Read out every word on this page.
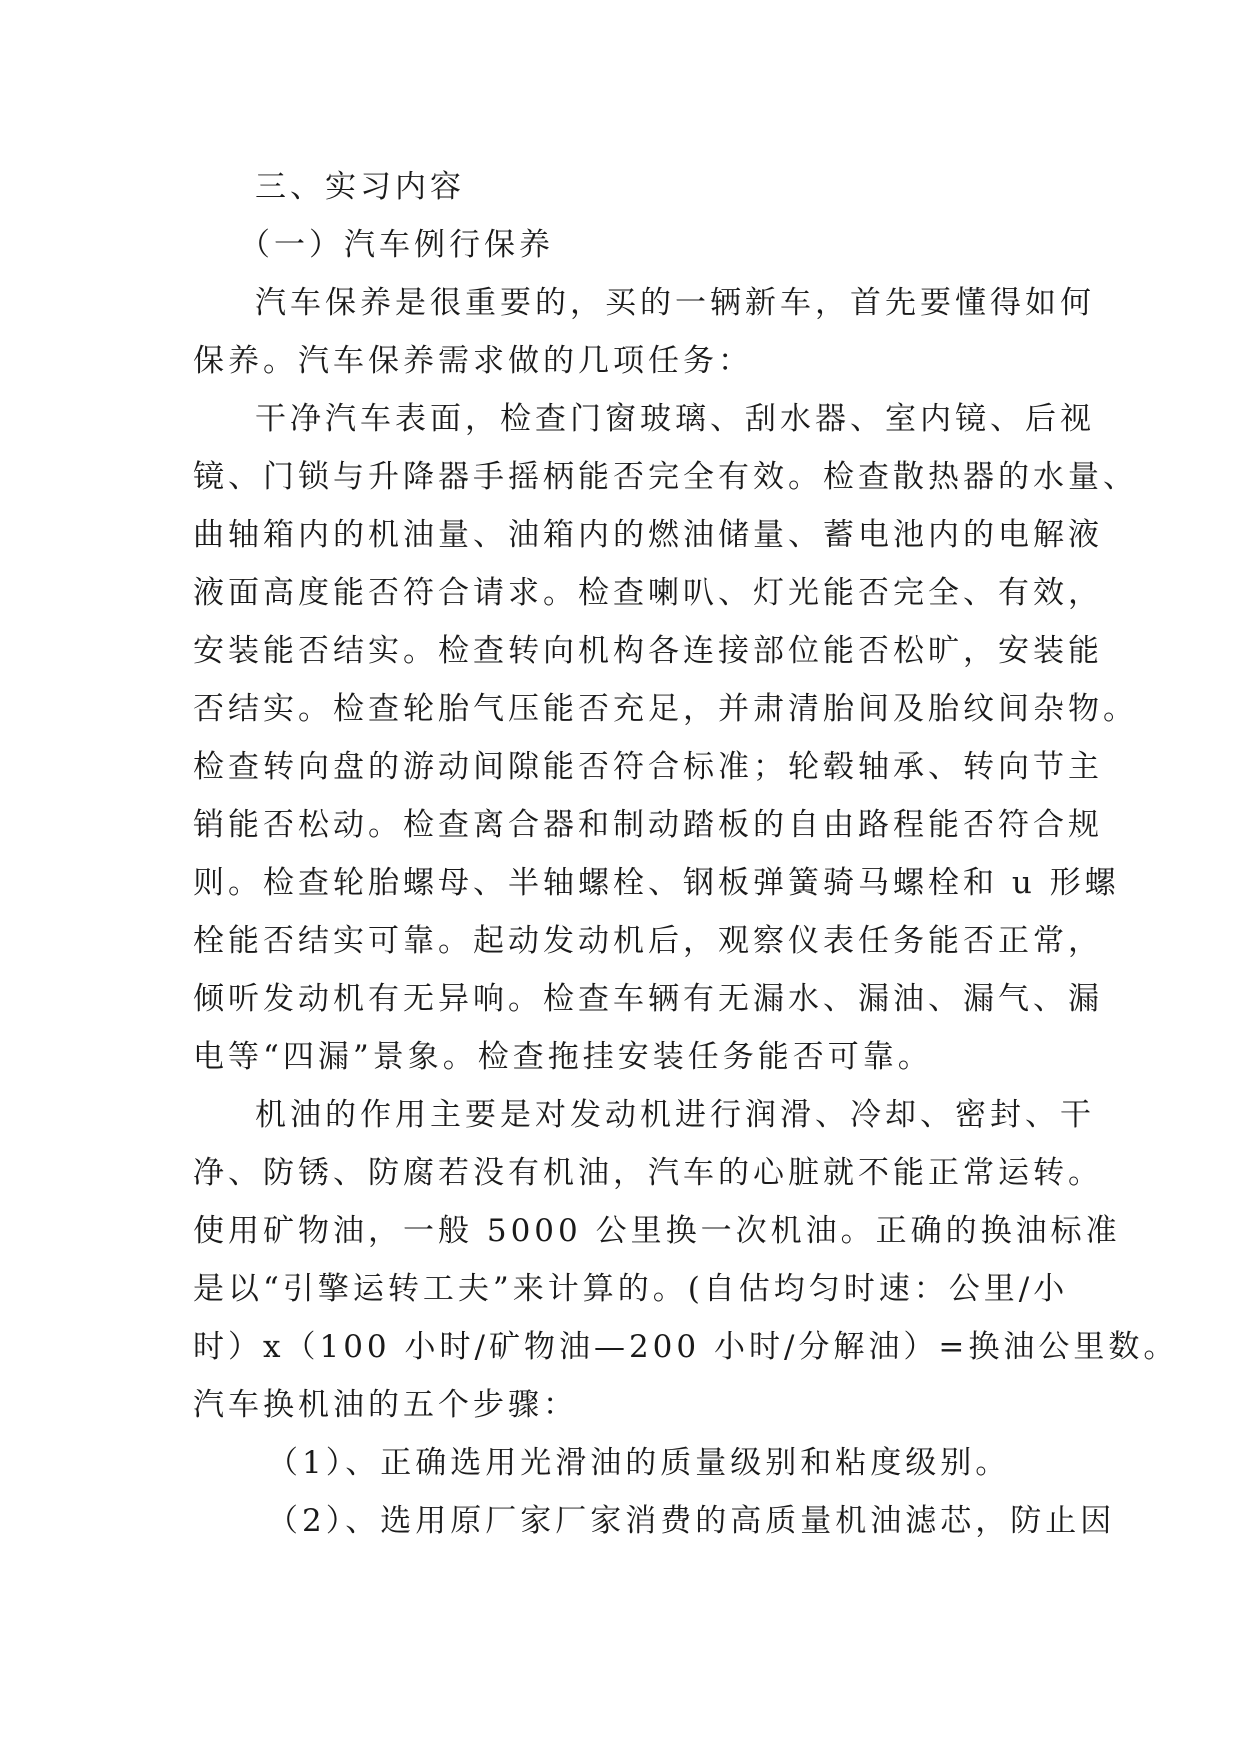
三、实习内容

（一）汽车例行保养

汽车保养是很重要的，买的一辆新车，首先要懂得如何
保养。汽车保养需求做的几项任务：

干净汽车表面，检查门窗玻璃、刮水器、室内镜、后视
镜、门锁与升降器手摇柄能否完全有效。检查散热器的水量、
曲轴箱内的机油量、油箱内的燃油储量、蓄电池内的电解液
液面高度能否符合请求。检查喇叭、灯光能否完全、有效，
安装能否结实。检查转向机构各连接部位能否松旷，安装能
否结实。检查轮胎气压能否充足，并肃清胎间及胎纹间杂物。
检查转向盘的游动间隙能否符合标准；轮毂轴承、转向节主
销能否松动。检查离合器和制动踏板的自由路程能否符合规
则。检查轮胎螺母、半轴螺栓、钢板弹簧骑马螺栓和 u 形螺
栓能否结实可靠。起动发动机后，观察仪表任务能否正常，
倾听发动机有无异响。检查车辆有无漏水、漏油、漏气、漏
电等“四漏”景象。检查拖挂安装任务能否可靠。

机油的作用主要是对发动机进行润滑、冷却、密封、干
净、防锈、防腐若没有机油，汽车的心脏就不能正常运转。
使用矿物油，一般 5000 公里换一次机油。正确的换油标准
是以“引擎运转工夫”来计算的。(自估均匀时速：公里/小
时）x（100 小时/矿物油—200 小时/分解油）=换油公里数。
汽车换机油的五个步骤：

（1）、正确选用光滑油的质量级别和粘度级别。

（2）、选用原厂家厂家消费的高质量机油滤芯，防止因
